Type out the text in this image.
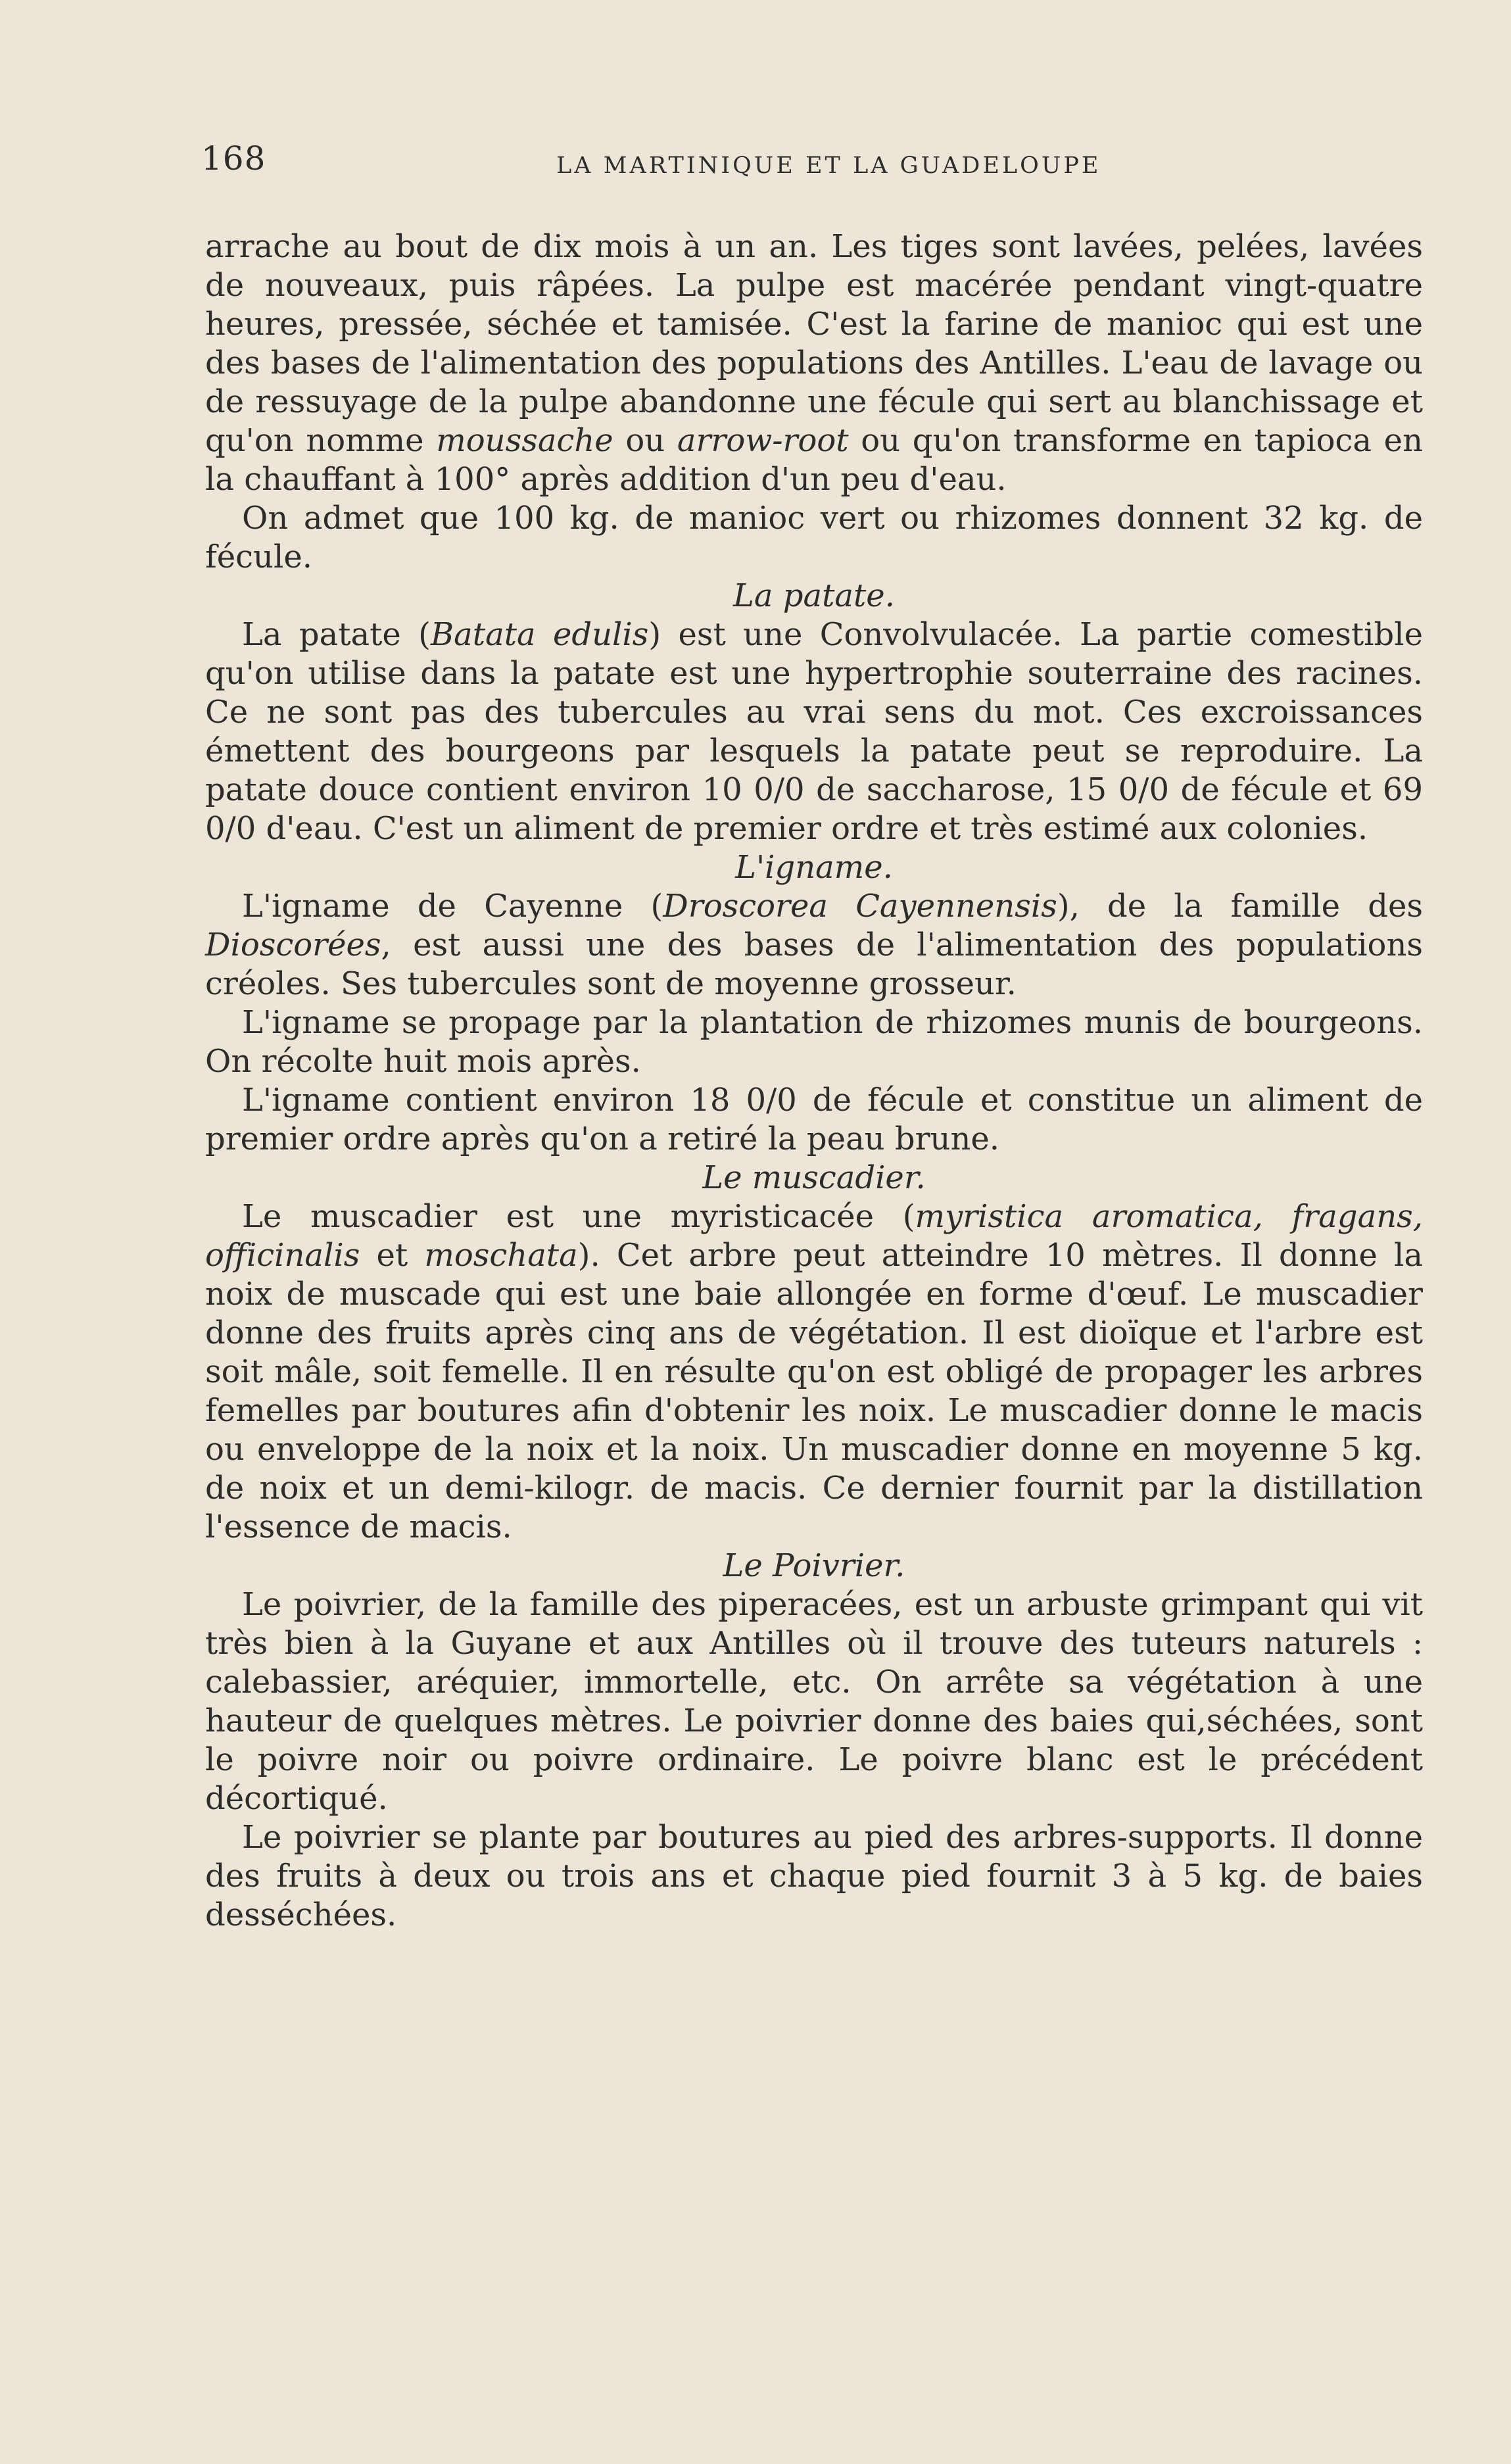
168	LA MARTINIQUE ET LA GUADELOUPE

arrache au bout de dix mois à un an. Les tiges sont lavées, pelées, lavées de nouveaux, puis râpées. La pulpe est macérée pendant vingt-quatre heures, pressée, séchée et tamisée. C'est la farine de manioc qui est une des bases de l'alimentation des populations des Antilles. L'eau de lavage ou de ressuyage de la pulpe abandonne une fécule qui sert au blanchissage et qu'on nomme moussache ou arrow-root ou qu'on transforme en tapioca en la chauffant à 100° après addition d'un peu d'eau.

On admet que 100 kg. de manioc vert ou rhizomes donnent 32 kg. de fécule.

La patate.

La patate (Batata edulis) est une Convolvulacée. La partie comestible qu'on utilise dans la patate est une hypertrophie souterraine des racines. Ce ne sont pas des tubercules au vrai sens du mot. Ces excroissances émettent des bourgeons par lesquels la patate peut se reproduire. La patate douce contient environ 10 0/0 de saccharose, 15 0/0 de fécule et 69 0/0 d'eau. C'est un aliment de premier ordre et très estimé aux colonies.

L'igname.

L'igname de Cayenne (Droscorea Cayennensis), de la famille des Dioscorées, est aussi une des bases de l'alimentation des populations créoles. Ses tubercules sont de moyenne grosseur.

L'igname se propage par la plantation de rhizomes munis de bourgeons. On récolte huit mois après.

L'igname contient environ 18 0/0 de fécule et constitue un aliment de premier ordre après qu'on a retiré la peau brune.

Le muscadier.

Le muscadier est une myristicacée (myristica aromatica, fragans, officinalis et moschata). Cet arbre peut atteindre 10 mètres. Il donne la noix de muscade qui est une baie allongée en forme d'œuf. Le muscadier donne des fruits après cinq ans de végétation. Il est dioïque et l'arbre est soit mâle, soit femelle. Il en résulte qu'on est obligé de propager les arbres femelles par boutures afin d'obtenir les noix. Le muscadier donne le macis ou enveloppe de la noix et la noix. Un muscadier donne en moyenne 5 kg. de noix et un demi-kilogr. de macis. Ce dernier fournit par la distillation l'essence de macis.

Le Poivrier.

Le poivrier, de la famille des piperacées, est un arbuste grimpant qui vit très bien à la Guyane et aux Antilles où il trouve des tuteurs naturels : calebassier, aréquier, immortelle, etc. On arrête sa végétation à une hauteur de quelques mètres. Le poivrier donne des baies qui,séchées, sont le poivre noir ou poivre ordinaire. Le poivre blanc est le précédent décortiqué.

Le poivrier se plante par boutures au pied des arbres-supports. Il donne des fruits à deux ou trois ans et chaque pied fournit 3 à 5 kg. de baies desséchées.
